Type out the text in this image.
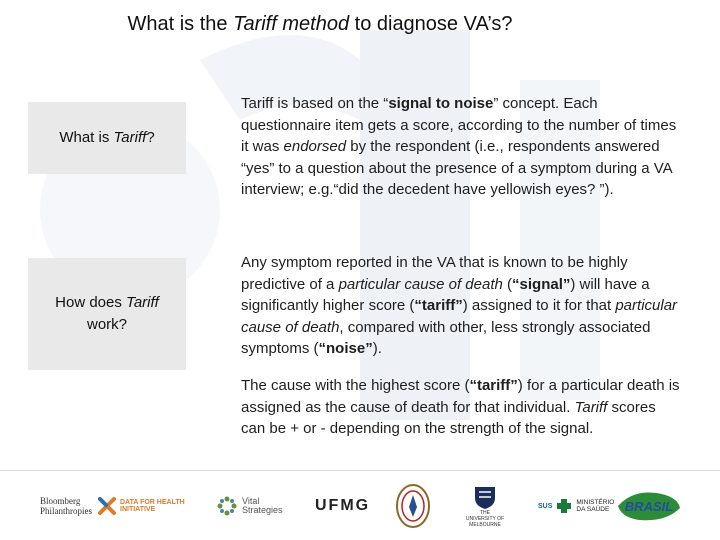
What is the Tariff method to diagnose VA’s?
What is Tariff?
How does Tariff work?
Tariff is based on the “signal to noise” concept. Each questionnaire item gets a score, according to the number of times it was endorsed by the respondent (i.e., respondents answered “yes” to a question about the presence of a symptom during a VA interview; e.g.“did the decedent have yellowish eyes? ”).
Any symptom reported in the VA that is known to be highly predictive of a particular cause of death (“signal”) will have a significantly higher score (“tariff”) assigned to it for that particular cause of death, compared with other, less strongly associated symptoms (“noise”).
The cause with the highest score (“tariff”) for a particular death is assigned as the cause of death for that individual. Tariff scores can be + or - depending on the strength of the signal.
Bloomberg Philanthropies
DATA FOR HEALTH INITIATIVE
Vital Strategies UFMG	THE UNIVERSITY OF MELBOURNE
SUS	MINISTÉRIO DA SAÚDE	BRASIL
